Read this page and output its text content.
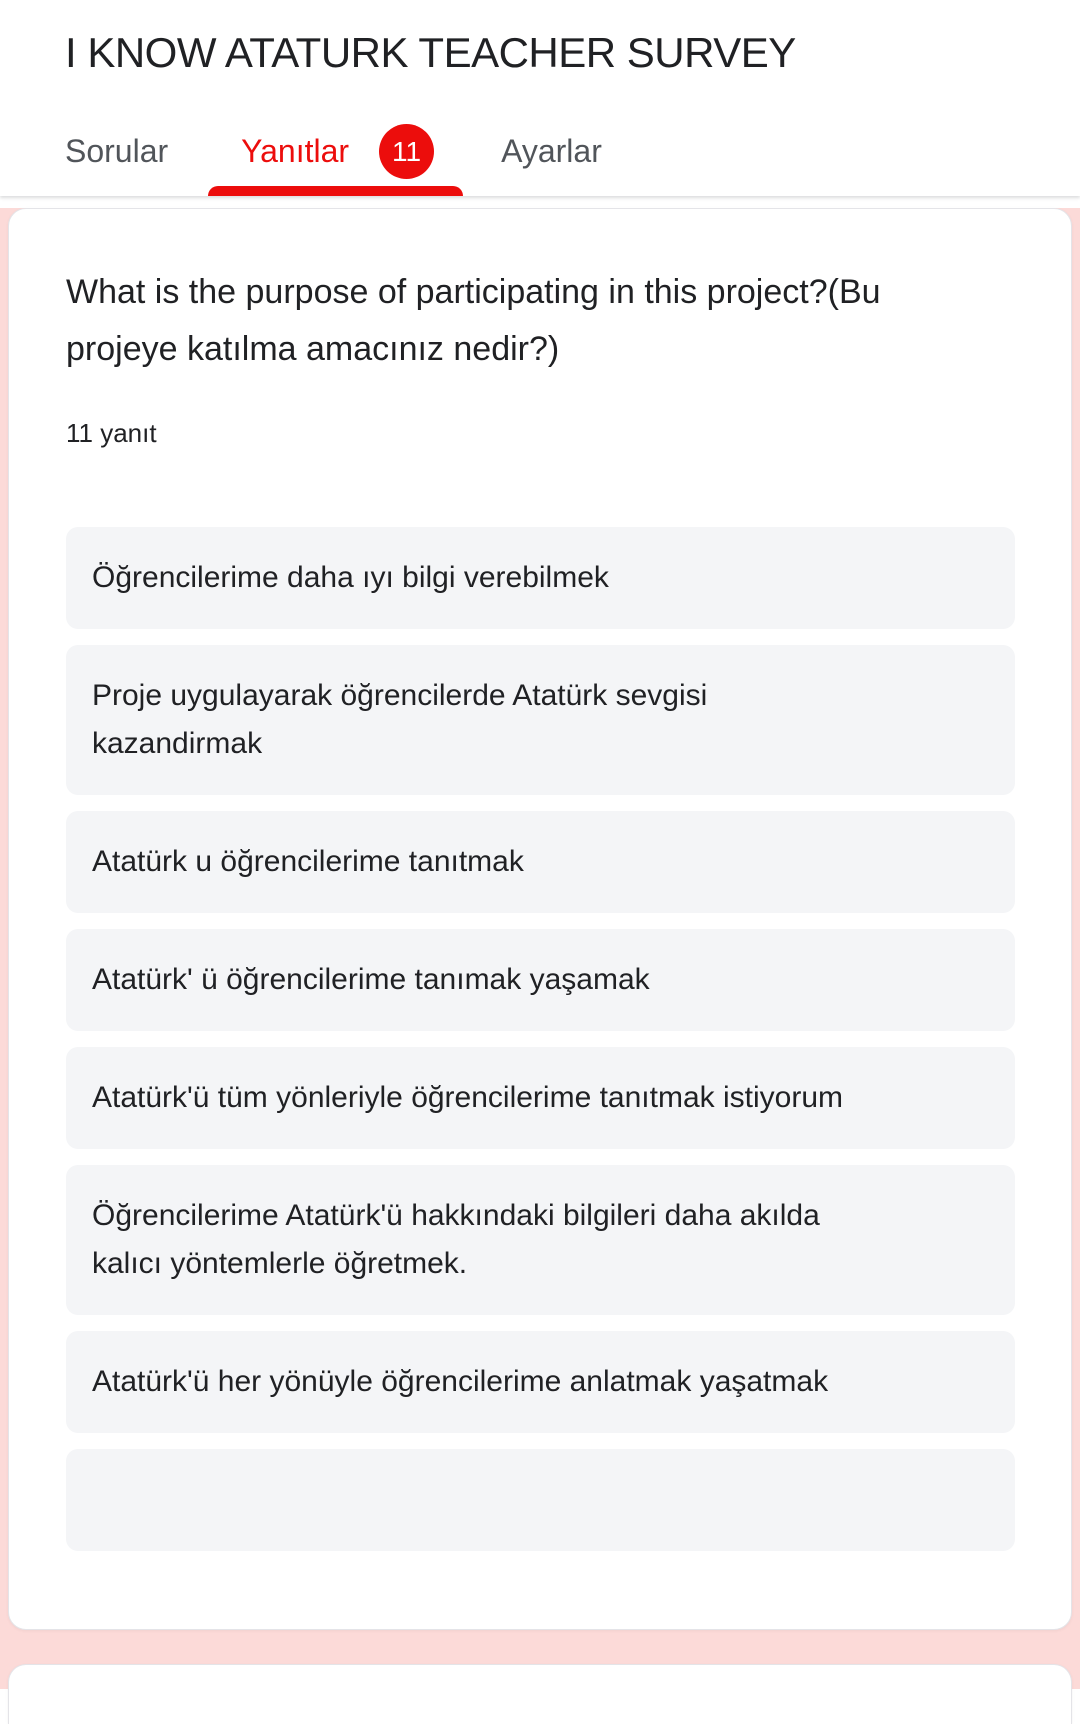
I KNOW ATATURK TEACHER SURVEY
Sorular Yanıtlar	11	Ayarlar
What is the purpose of participating in this project?(Bu projeye katılma amacınız nedir?)

11 yanıt

Öğrencilerime daha ıyı bilgi verebilmek

Proje uygulayarak öğrencilerde Atatürk sevgisi kazandirmak

Atatürk u öğrencilerime tanıtmak

Atatürk' ü öğrencilerime tanımak yaşamak

Atatürk'ü tüm yönleriyle öğrencilerime tanıtmak istiyorum

Öğrencilerime Atatürk'ü hakkındaki bilgileri daha akılda kalıcı yöntemlerle öğretmek.

Atatürk'ü her yönüyle öğrencilerime anlatmak yaşatmak
